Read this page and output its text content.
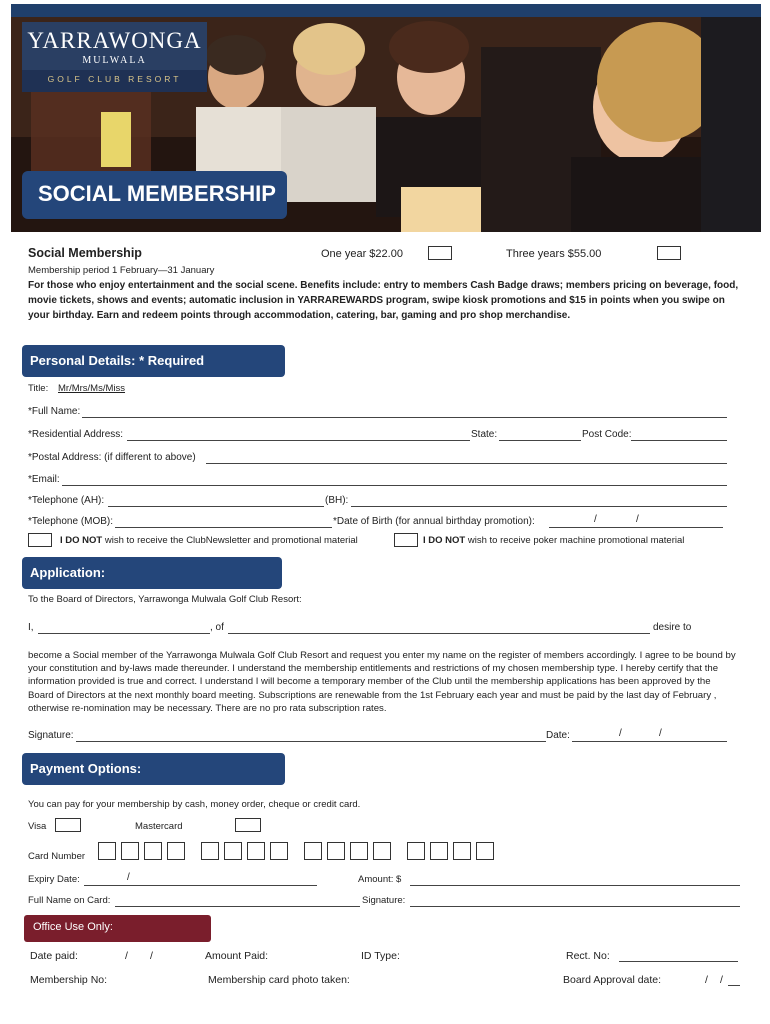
YARRAWONGA
MULWALA
GOLF CLUB RESORT
SOCIAL MEMBERSHIP
Social Membership	One year $22.00	Three years $55.00
Membership period 1 February—31 January
For those who enjoy entertainment and the social scene. Benefits include: entry to members Cash Badge draws; members pricing on beverage, food, movie tickets, shows and events; automatic inclusion in YARRAREWARDS program, swipe kiosk promotions and $15 in points when you swipe on your birthday. Earn and redeem points through accommodation, catering, bar, gaming and pro shop merchandise.
Personal Details: * Required
Title: Mr/Mrs/Ms/Miss
*Full Name:
*Residential Address:	State:	Post Code:
*Postal Address: (if different to above)
*Email:
*Telephone (AH):	(BH):
*Telephone (MOB):	*Date of Birth (for annual birthday promotion):	/	/
I DO NOT wish to receive the ClubNewsletter and promotional material	I DO NOT wish to receive poker machine promotional material
Application:
To the Board of Directors, Yarrawonga Mulwala Golf Club Resort:
I,	, of	desire to
become a Social member of the Yarrawonga Mulwala Golf Club Resort and request you enter my name on the register of members accordingly. I agree to be bound by your constitution and by-laws made thereunder. I understand the membership entitlements and restrictions of my chosen membership type. I hereby certify that the information provided is true and correct. I understand I will become a temporary member of the Club until the membership applications has been approved by the Board of Directors at the next monthly board meeting. Subscriptions are renewable from the 1st February each year and must be paid by the last day of February , otherwise re-nomination may be necessary. There are no pro rata subscription rates.
Signature:	Date:	/	/
Payment Options:
You can pay for your membership by cash, money order, cheque or credit card.
Visa	Mastercard
Card Number
Expiry Date:	/	Amount: $
Full Name on Card:	Signature:
Office Use Only:
Date paid:	/ /	Amount Paid:	ID Type:	Rect. No:
Membership No:	Membership card photo taken:	Board Approval date:	/ /
